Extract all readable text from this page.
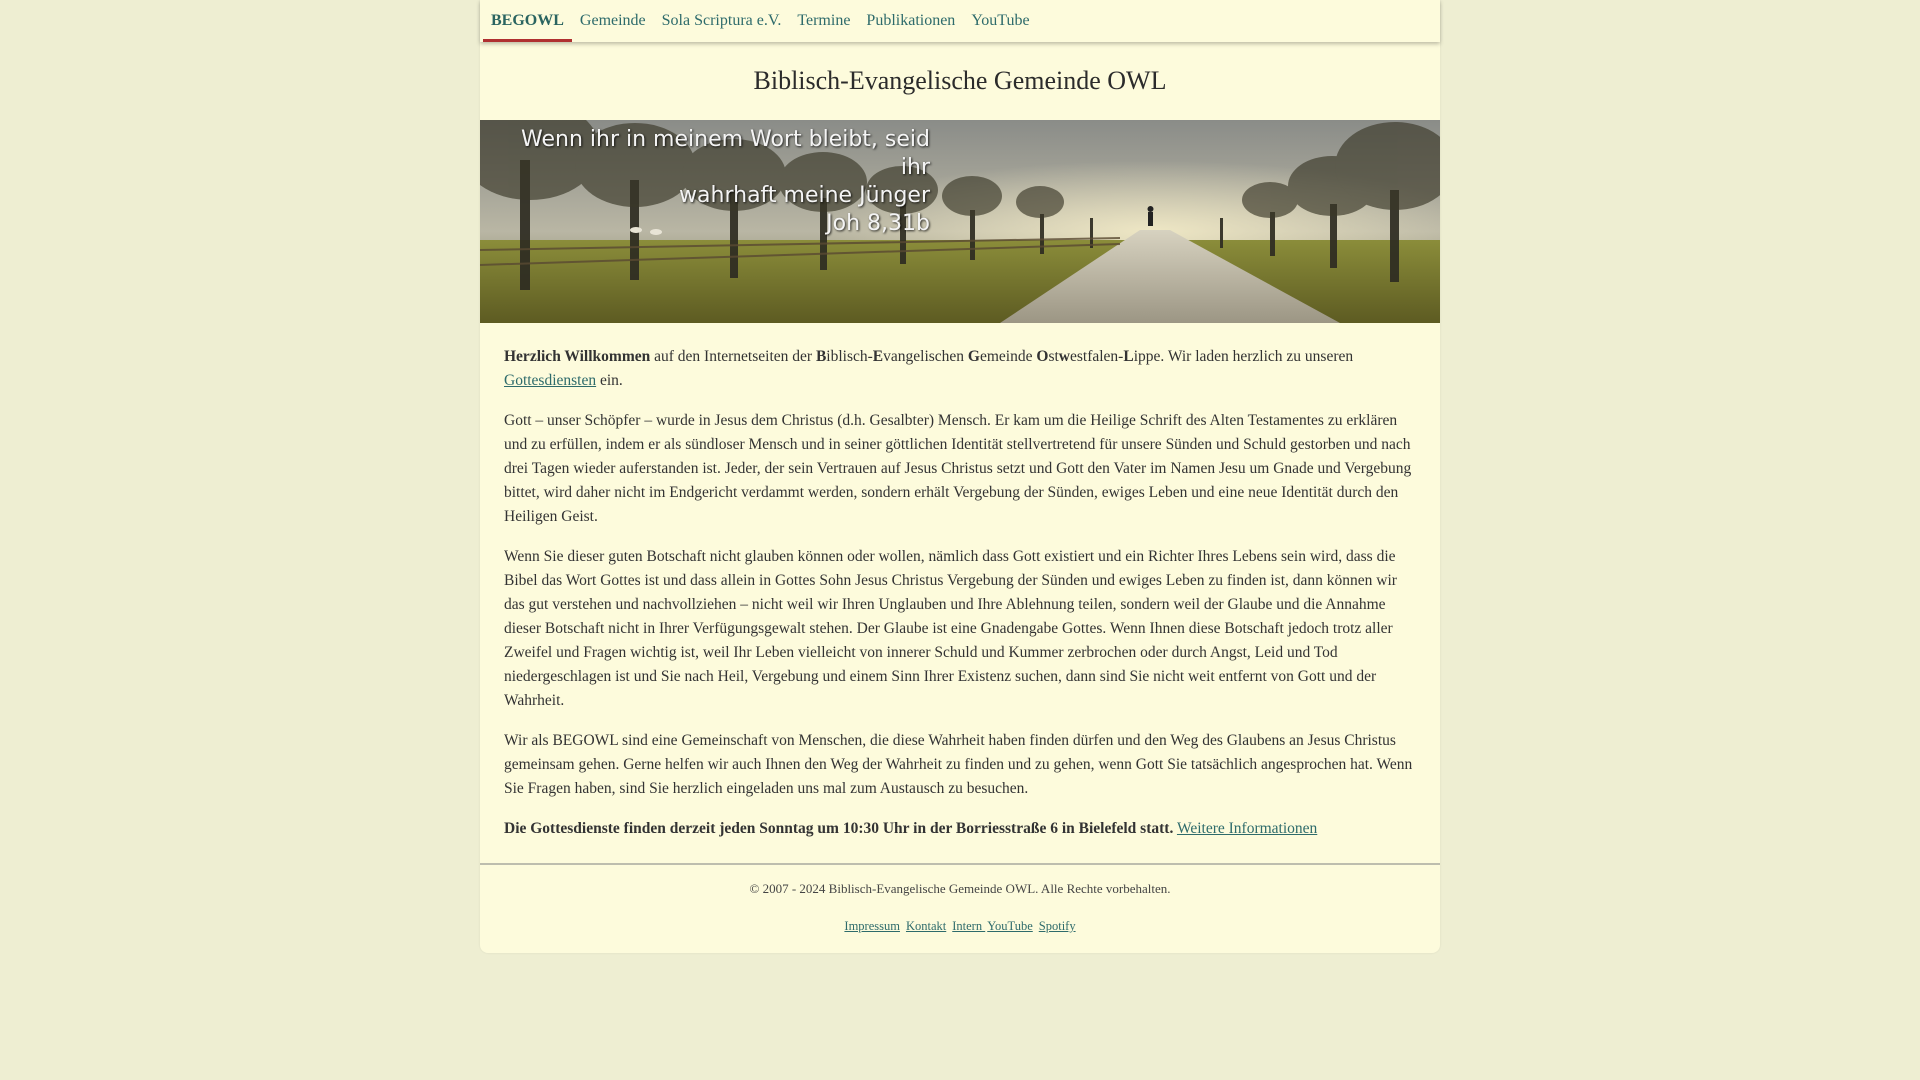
BEGOWL	Gemeinde	Sola Scriptura e.V.	Termine	Publikationen	YouTube
Biblisch-Evangelische Gemeinde OWL
Wenn ihr in meinem Wort bleibt, seid ihr
wahrhaft meine Jünger
Joh 8,31b

Herzlich Willkommen auf den Internetseiten der Biblisch-Evangelischen Gemeinde Ostwestfalen-Lippe. Wir laden herzlich zu unseren Gottesdiensten ein.

Gott – unser Schöpfer – wurde in Jesus dem Christus (d.h. Gesalbter) Mensch. Er kam um die Heilige Schrift des Alten Testamentes zu erklären und zu erfüllen, indem er als sündloser Mensch und in seiner göttlichen Identität stellvertretend für unsere Sünden und Schuld gestorben und nach drei Tagen wieder auferstanden ist. Jeder, der sein Vertrauen auf Jesus Christus setzt und Gott den Vater im Namen Jesu um Gnade und Vergebung bittet, wird daher nicht im Endgericht verdammt werden, sondern erhält Vergebung der Sünden, ewiges Leben und eine neue Identität durch den Heiligen Geist.

Wenn Sie dieser guten Botschaft nicht glauben können oder wollen, nämlich dass Gott existiert und ein Richter Ihres Lebens sein wird, dass die Bibel das Wort Gottes ist und dass allein in Gottes Sohn Jesus Christus Vergebung der Sünden und ewiges Leben zu finden ist, dann können wir das gut verstehen und nachvollziehen – nicht weil wir Ihren Unglauben und Ihre Ablehnung teilen, sondern weil der Glaube und die Annahme dieser Botschaft nicht in Ihrer Verfügungsgewalt stehen. Der Glaube ist eine Gnadengabe Gottes. Wenn Ihnen diese Botschaft jedoch trotz aller Zweifel und Fragen wichtig ist, weil Ihr Leben vielleicht von innerer Schuld und Kummer zerbrochen oder durch Angst, Leid und Tod niedergeschlagen ist und Sie nach Heil, Vergebung und einem Sinn Ihrer Existenz suchen, dann sind Sie nicht weit entfernt von Gott und der Wahrheit.

Wir als BEGOWL sind eine Gemeinschaft von Menschen, die diese Wahrheit haben finden dürfen und den Weg des Glaubens an Jesus Christus gemeinsam gehen. Gerne helfen wir auch Ihnen den Weg der Wahrheit zu finden und zu gehen, wenn Gott Sie tatsächlich angesprochen hat. Wenn Sie Fragen haben, sind Sie herzlich eingeladen uns mal zum Austausch zu besuchen.

Die Gottesdienste finden derzeit jeden Sonntag um 10:30 Uhr in der Borriesstraße 6 in Bielefeld statt. Weitere Informationen

© 2007 - 2024 Biblisch-Evangelische Gemeinde OWL. Alle Rechte vorbehalten.
Impressum Kontakt Intern YouTube Spotify
